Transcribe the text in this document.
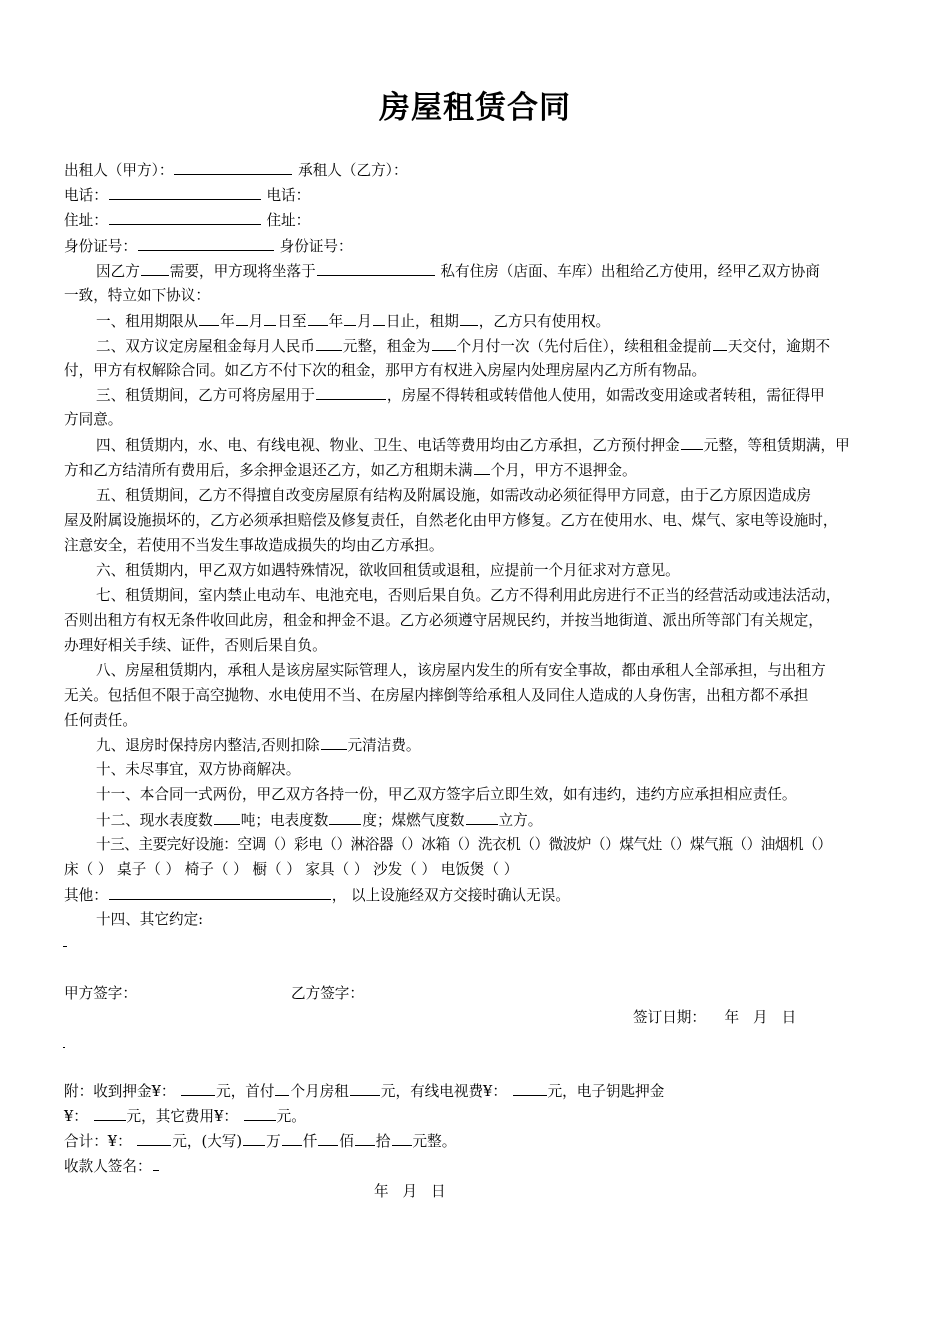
房屋租赁合同
出租人（甲方）：	承租人（乙方）：
电话：	电话：
住址：	住址：
身份证号：	身份证号：
因乙方 需要，甲方现将坐落于	私有住房（店面、车库）出租给乙方使用，经甲乙双方协商
一致，特立如下协议：
一、租用期限从 年 月 日至 年 月 日止，租期 ，乙方只有使用权。
二、双方议定房屋租金每月人民币 元整，租金为 个月付一次（先付后住），续租租金提前 天交付，逾期不
付，甲方有权解除合同。如乙方不付下次的租金，那甲方有权进入房屋内处理房屋内乙方所有物品。
三、租赁期间，乙方可将房屋用于	，房屋不得转租或转借他人使用，如需改变用途或者转租，需征得甲
方同意。
四、租赁期内，水、电、有线电视、物业、卫生、电话等费用均由乙方承担，乙方预付押金 元整，等租赁期满，甲
方和乙方结清所有费用后，多余押金退还乙方，如乙方租期未满 个月，甲方不退押金。
五、租赁期间，乙方不得擅自改变房屋原有结构及附属设施，如需改动必须征得甲方同意，由于乙方原因造成房
屋及附属设施损坏的，乙方必须承担赔偿及修复责任，自然老化由甲方修复。乙方在使用水、电、煤气、家电等设施时，
注意安全，若使用不当发生事故造成损失的均由乙方承担。
六、租赁期内，甲乙双方如遇特殊情况，欲收回租赁或退租，应提前一个月征求对方意见。
七、租赁期间，室内禁止电动车、电池充电，否则后果自负。乙方不得利用此房进行不正当的经营活动或违法活动，
否则出租方有权无条件收回此房，租金和押金不退。乙方必须遵守居规民约，并按当地街道、派出所等部门有关规定，
办理好相关手续、证件，否则后果自负。
八、房屋租赁期内，承租人是该房屋实际管理人，该房屋内发生的所有安全事故，都由承租人全部承担，与出租方
无关。包括但不限于高空抛物、水电使用不当、在房屋内摔倒等给承租人及同住人造成的人身伤害，出租方都不承担
任何责任。
九、退房时保持房内整洁,否则扣除 元清洁费。
十、未尽事宜，双方协商解决。
十一、本合同一式两份，甲乙双方各持一份，甲乙双方签字后立即生效，如有违约，违约方应承担相应责任。
十二、现水表度数 吨；电表度数 度；煤燃气度数 立方。
十三、主要完好设施：空调（）彩电（）淋浴器（）冰箱（）洗衣机（）微波炉（）煤气灶（）煤气瓶（）油烟机（）
床（ ） 桌子（ ） 椅子（ ） 橱（ ） 家具（ ） 沙发（ ） 电饭煲（ ）
其他：	， 以上设施经双方交接时确认无误。
十四、其它约定:
甲方签字：	乙方签字：
签订日期： 年   月   日
附：收到押金¥：	元，首付 个月房租 元，有线电视费¥：	元，电子钥匙押金
¥：	元，其它费用¥：	元。
合计：¥：	元，(大写) 万 仟 佰 拾 元整。
收款人签名：
年   月   日
